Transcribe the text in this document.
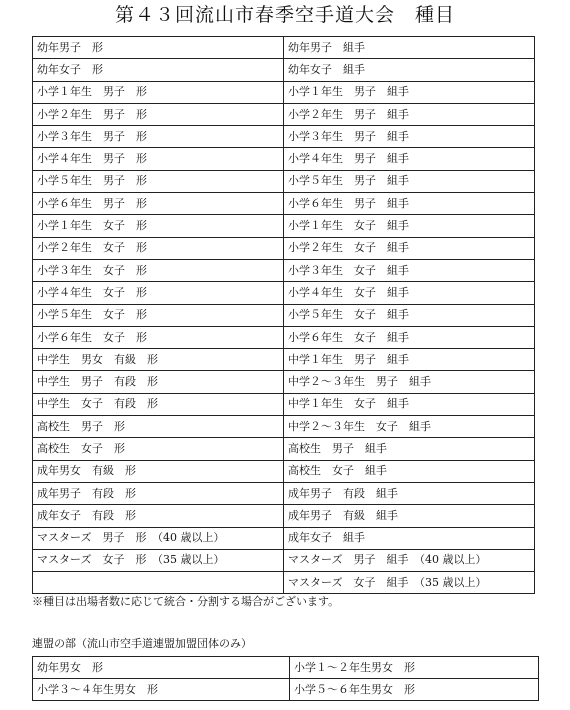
第４３回流山市春季空手道大会　種目
幼年男子　形	幼年男子　組手
幼年女子　形	幼年女子　組手
小学１年生　男子　形	小学１年生　男子　組手
小学２年生　男子　形	小学２年生　男子　組手
小学３年生　男子　形	小学３年生　男子　組手
小学４年生　男子　形	小学４年生　男子　組手
小学５年生　男子　形	小学５年生　男子　組手
小学６年生　男子　形	小学６年生　男子　組手
小学１年生　女子　形	小学１年生　女子　組手
小学２年生　女子　形	小学２年生　女子　組手
小学３年生　女子　形	小学３年生　女子　組手
小学４年生　女子　形	小学４年生　女子　組手
小学５年生　女子　形	小学５年生　女子　組手
小学６年生　女子　形	小学６年生　女子　組手
中学生　男女　有級　形	中学１年生　男子　組手
中学生　男子　有段　形	中学２〜３年生　男子　組手
中学生　女子　有段　形	中学１年生　女子　組手
高校生　男子　形	中学２〜３年生　女子　組手
高校生　女子　形	高校生　男子　組手
成年男女　有級　形	高校生　女子　組手
成年男子　有段　形	成年男子　有段　組手
成年女子　有段　形	成年男子　有級　組手
マスターズ　男子　形　（40 歳以上）	成年女子　組手
マスターズ　女子　形　（35 歳以上）	マスターズ　男子　組手　（40 歳以上）
	マスターズ　女子　組手　（35 歳以上）
※種目は出場者数に応じて統合・分割する場合がございます。
連盟の部（流山市空手道連盟加盟団体のみ）
幼年男女　形	小学１〜２年生男女　形
小学３〜４年生男女　形	小学５〜６年生男女　形
